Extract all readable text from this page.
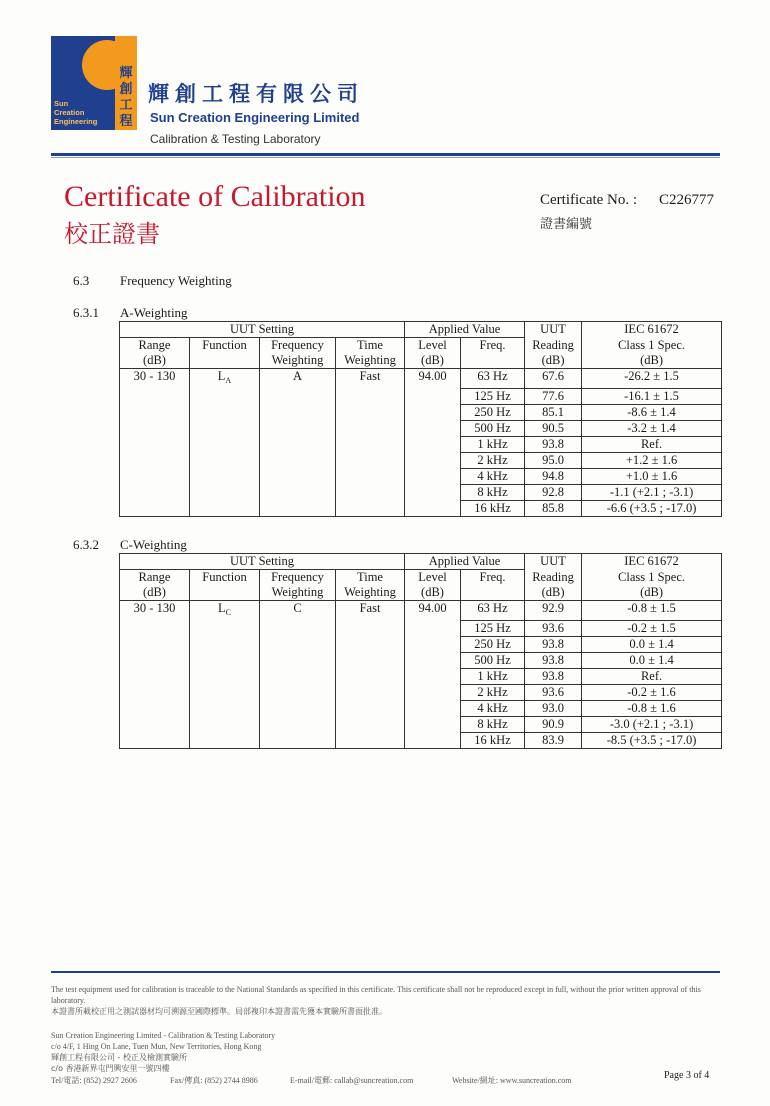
輝
創
工
程
Sun
Creation
Engineering
輝創工程有限公司
Sun Creation Engineering Limited
Calibration & Testing Laboratory
Certificate of Calibration
校正證書
Certificate No. : C226777
證書編號
6.3 Frequency Weighting
6.3.1 A-Weighting
UUT Setting				Applied Value		UUT	IEC 61672
Range	Function	Frequency	Time	Level	Freq.	Reading	Class 1 Spec.
(dB)		Weighting	Weighting	(dB)		(dB)	(dB)
30 - 130	$L_A$	A	Fast	94.00	63 Hz	67.6	-26.2 ± 1.5
					125 Hz	77.6	-16.1 ± 1.5
					250 Hz	85.1	-8.6 ± 1.4
					500 Hz	90.5	-3.2 ± 1.4
					1 kHz	93.8	Ref.
					2 kHz	95.0	+1.2 ± 1.6
					4 kHz	94.8	+1.0 ± 1.6
					8 kHz	92.8	-1.1 (+2.1 ; -3.1)
					16 kHz	85.8	-6.6 (+3.5 ; -17.0)
6.3.2 C-Weighting
UUT Setting				Applied Value		UUT	IEC 61672
Range	Function	Frequency	Time	Level	Freq.	Reading	Class 1 Spec.
(dB)		Weighting	Weighting	(dB)		(dB)	(dB)
30 - 130	$L_C$	C	Fast	94.00	63 Hz	92.9	-0.8 ± 1.5
					125 Hz	93.6	-0.2 ± 1.5
					250 Hz	93.8	0.0 ± 1.4
					500 Hz	93.8	0.0 ± 1.4
					1 kHz	93.8	Ref.
					2 kHz	93.6	-0.2 ± 1.6
					4 kHz	93.0	-0.8 ± 1.6
					8 kHz	90.9	-3.0 (+2.1 ; -3.1)
					16 kHz	83.9	-8.5 (+3.5 ; -17.0)
The test equipment used for calibration is traceable to the National Standards as specified in this certificate. This certificate shall not be reproduced except in full, without the prior written approval of this laboratory.
本證書所載校正用之測試器材均可溯源至國際標準。局部複印本證書需先獲本實驗所書面批准。
Sun Creation Engineering Limited - Calibration & Testing Laboratory
c/o 4/F, 1 Hing On Lane, Tuen Mun, New Territories, Hong Kong
輝創工程有限公司 - 校正及檢測實驗所
c/o 香港新界屯門興安里一號四樓
Tel/電話: (852) 2927 2606	Fax/傳真: (852) 2744 8986	E-mail/電郵: callab@suncreation.com	Website/網址: www.suncreation.com	Page 3 of 4
